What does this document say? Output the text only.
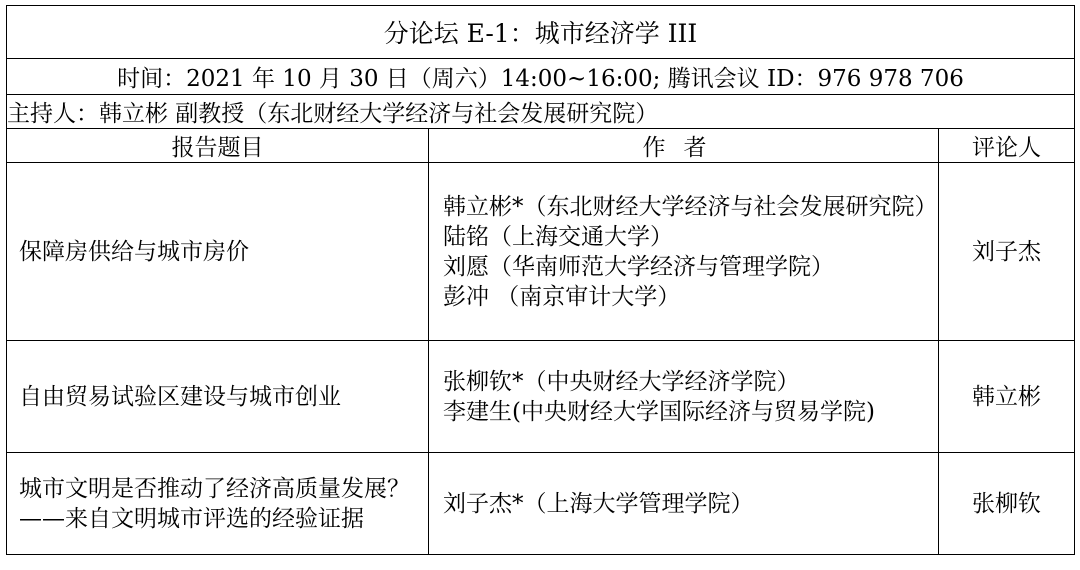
分论坛 E-1：城市经济学 III		
时间：2021 年 10 月 30 日（周六）14:00~16:00; 腾讯会议 ID：976 978 706		
主持人：韩立彬 副教授（东北财经大学经济与社会发展研究院）		
报告题目	作者	评论人
保障房供给与城市房价	韩立彬*（东北财经大学经济与社会发展研究院）
陆铭（上海交通大学）
刘愿（华南师范大学经济与管理学院）
彭冲 （南京审计大学）	刘子杰
自由贸易试验区建设与城市创业	张柳钦*（中央财经大学经济学院）
李建生(中央财经大学国际经济与贸易学院)	韩立彬
城市文明是否推动了经济高质量发展？——来自文明城市评选的经验证据	刘子杰*（上海大学管理学院）	张柳钦
